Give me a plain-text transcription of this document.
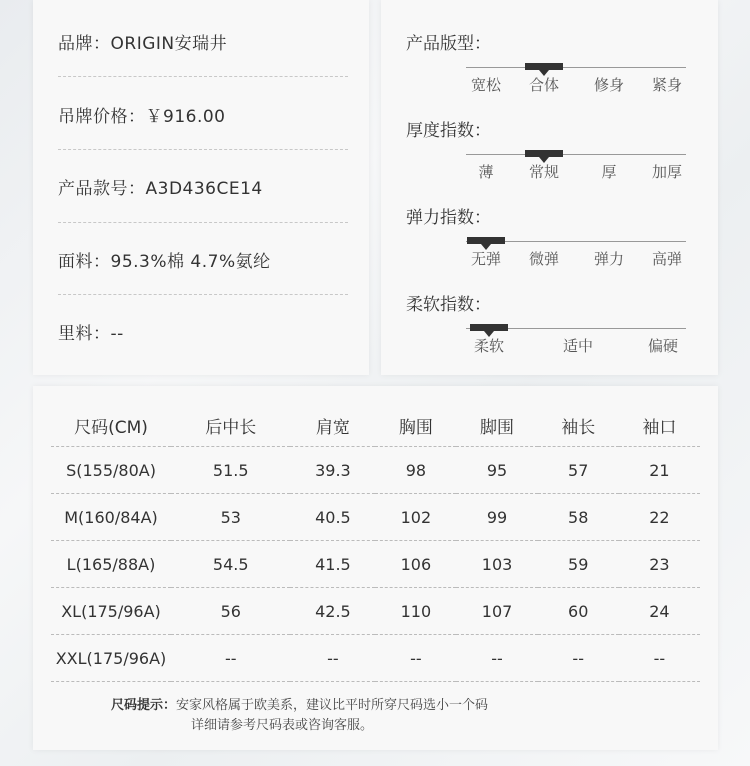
品牌：ORIGIN安瑞井
吊牌价格：￥916.00
产品款号：A3D436CE14
面料：95.3%棉 4.7%氨纶
里料：--
产品版型：
宽松	合体	修身	紧身
厚度指数：
薄	常规	厚	加厚
弹力指数：
无弹	微弹	弹力	高弹
柔软指数：
柔软	适中	偏硬
尺码(CM)	后中长	肩宽	胸围	脚围	袖长	袖口
S(155/80A)	51.5	39.3	98	95	57	21
M(160/84A)	53	40.5	102	99	58	22
L(165/88A)	54.5	41.5	106	103	59	23
XL(175/96A)	56	42.5	110	107	60	24
XXL(175/96A)	--	--	--	--	--	--
尺码提示：安家风格属于欧美系，建议比平时所穿尺码选小一个码
详细请参考尺码表或咨询客服。
